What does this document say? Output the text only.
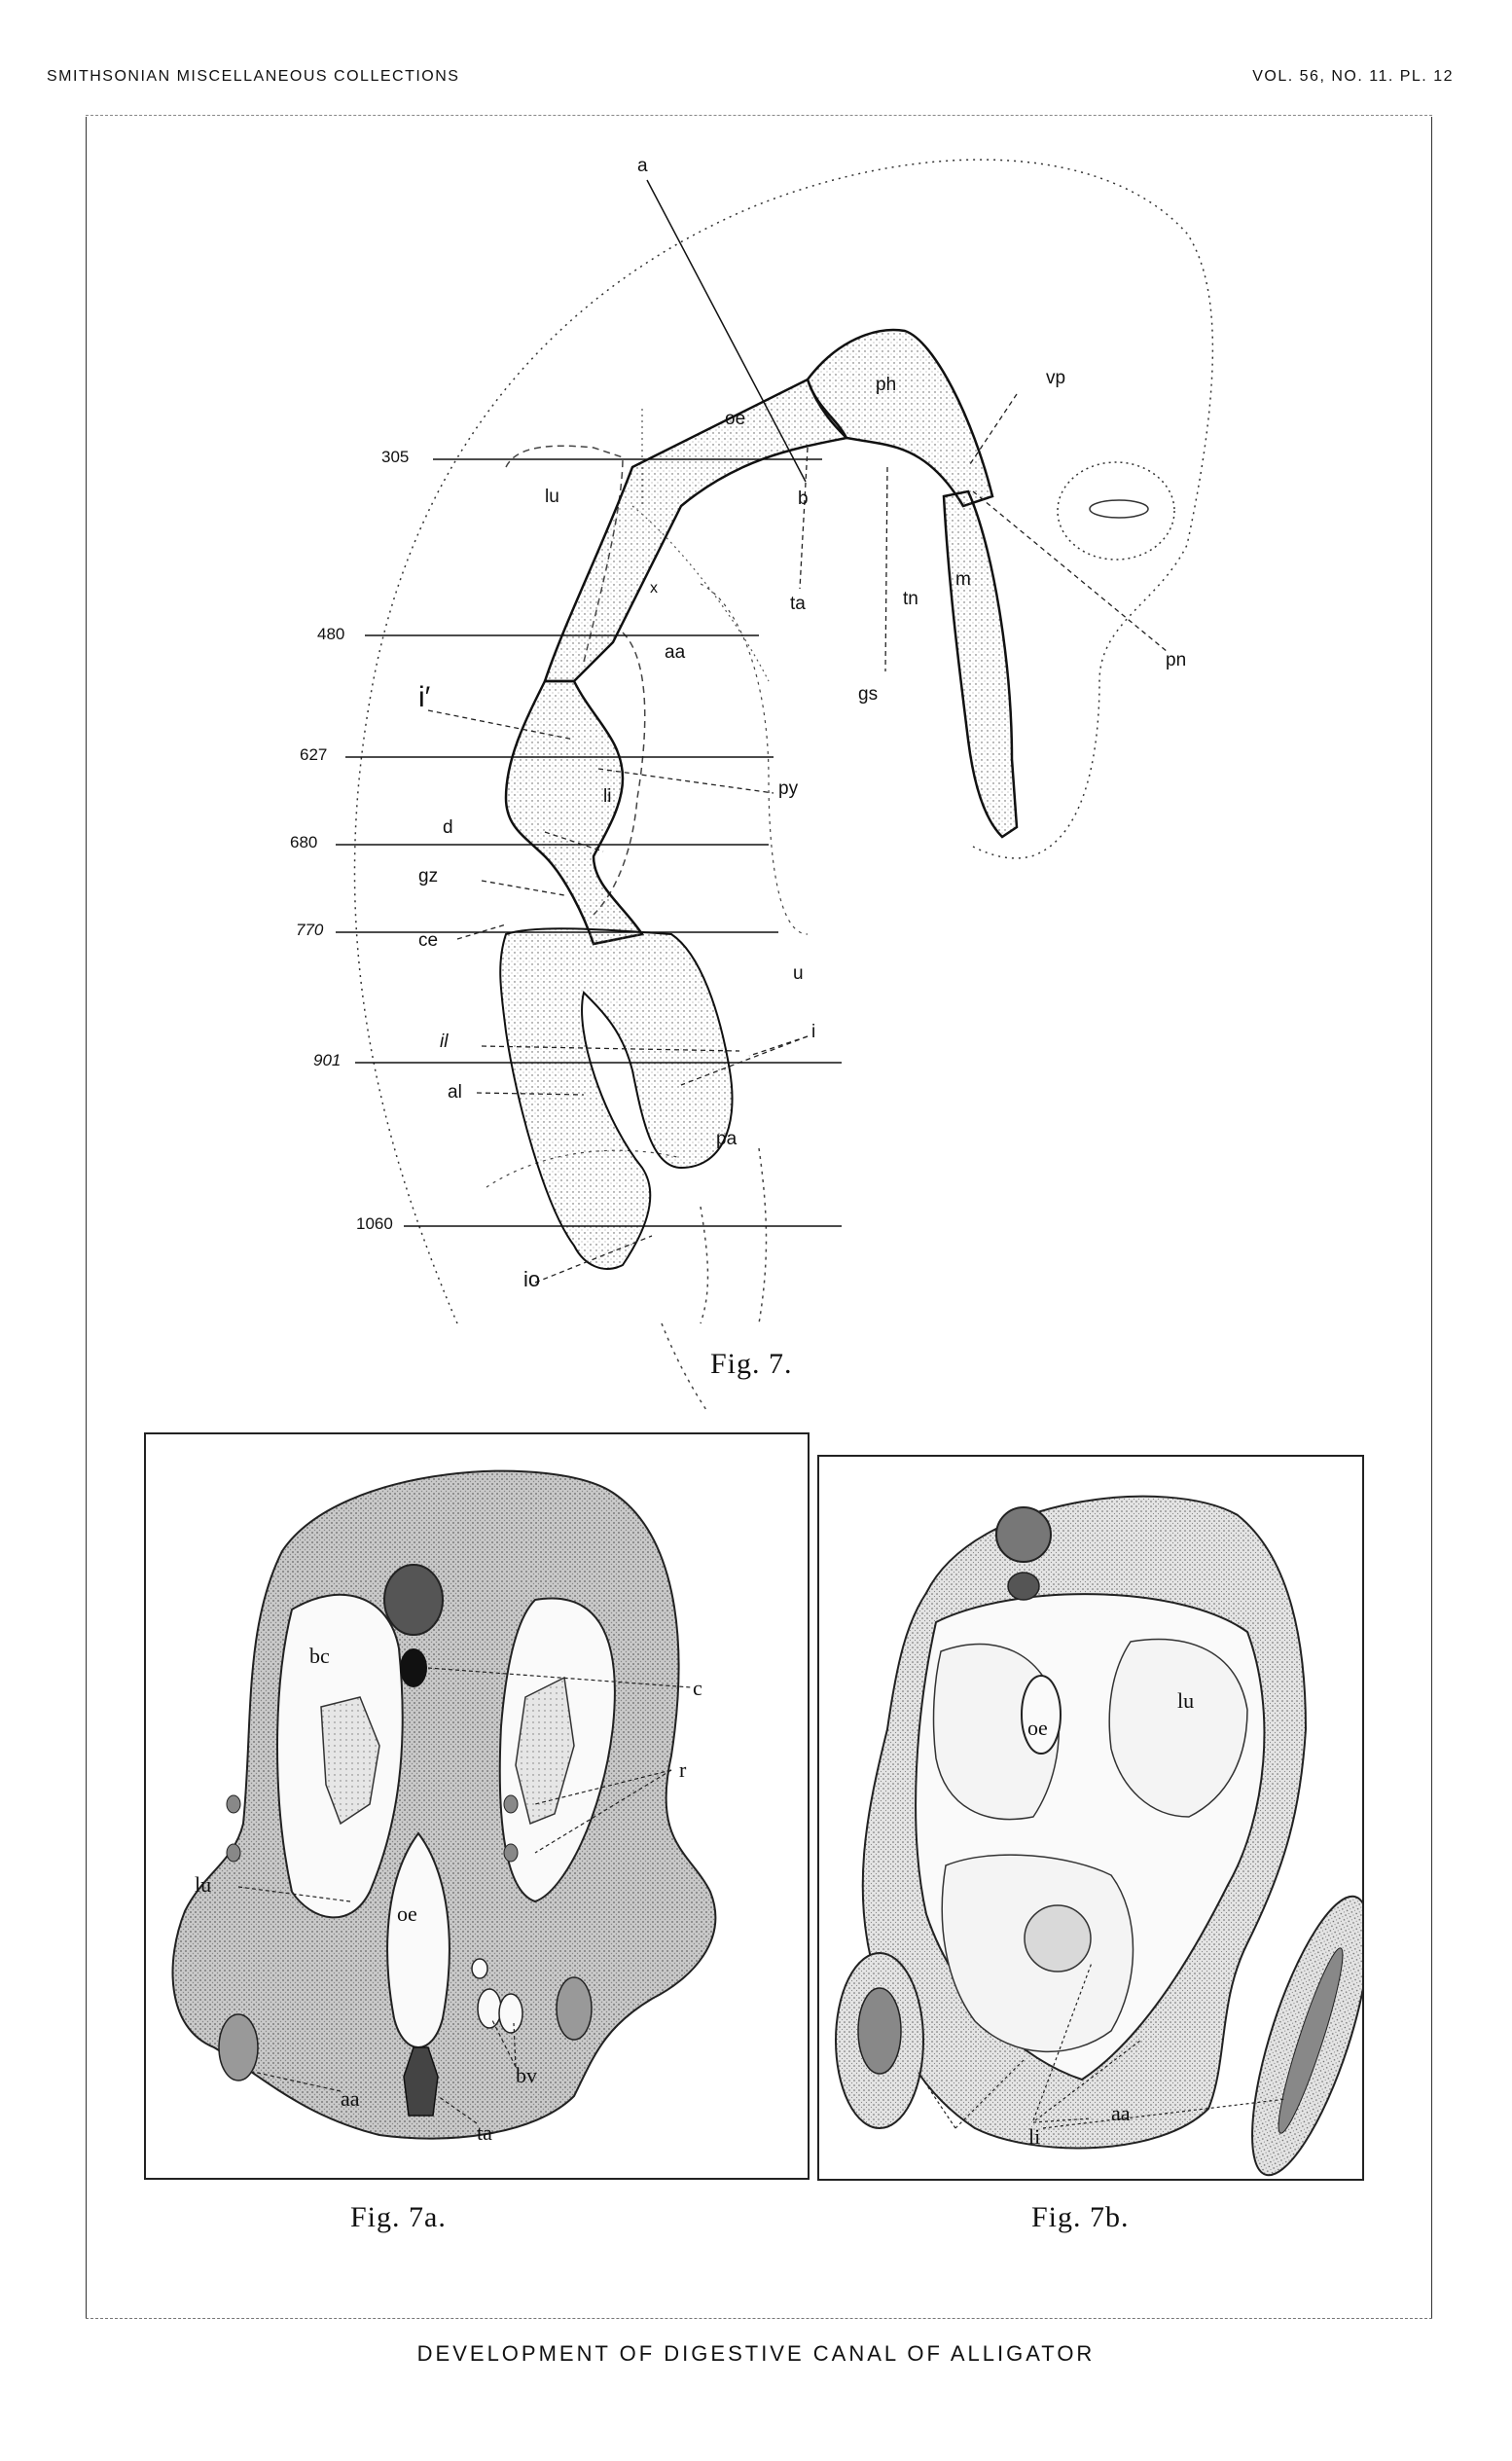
SMITHSONIAN MISCELLANEOUS COLLECTIONS	VOL. 56, NO. 11. PL. 12
305
480
627
680
770
901
1060
a
oe
ph	vp
lu	b
x
ta	tn
m
pn
aa
gs
i′
py
li
d
gz
ce
u
il	i
al
pa
io
Fig. 7.
bc
c
lu
r
oe
aa
ta
bv
Fig. 7a.
lu
oe
li
aa
Fig. 7b.
DEVELOPMENT OF DIGESTIVE CANAL OF ALLIGATOR
